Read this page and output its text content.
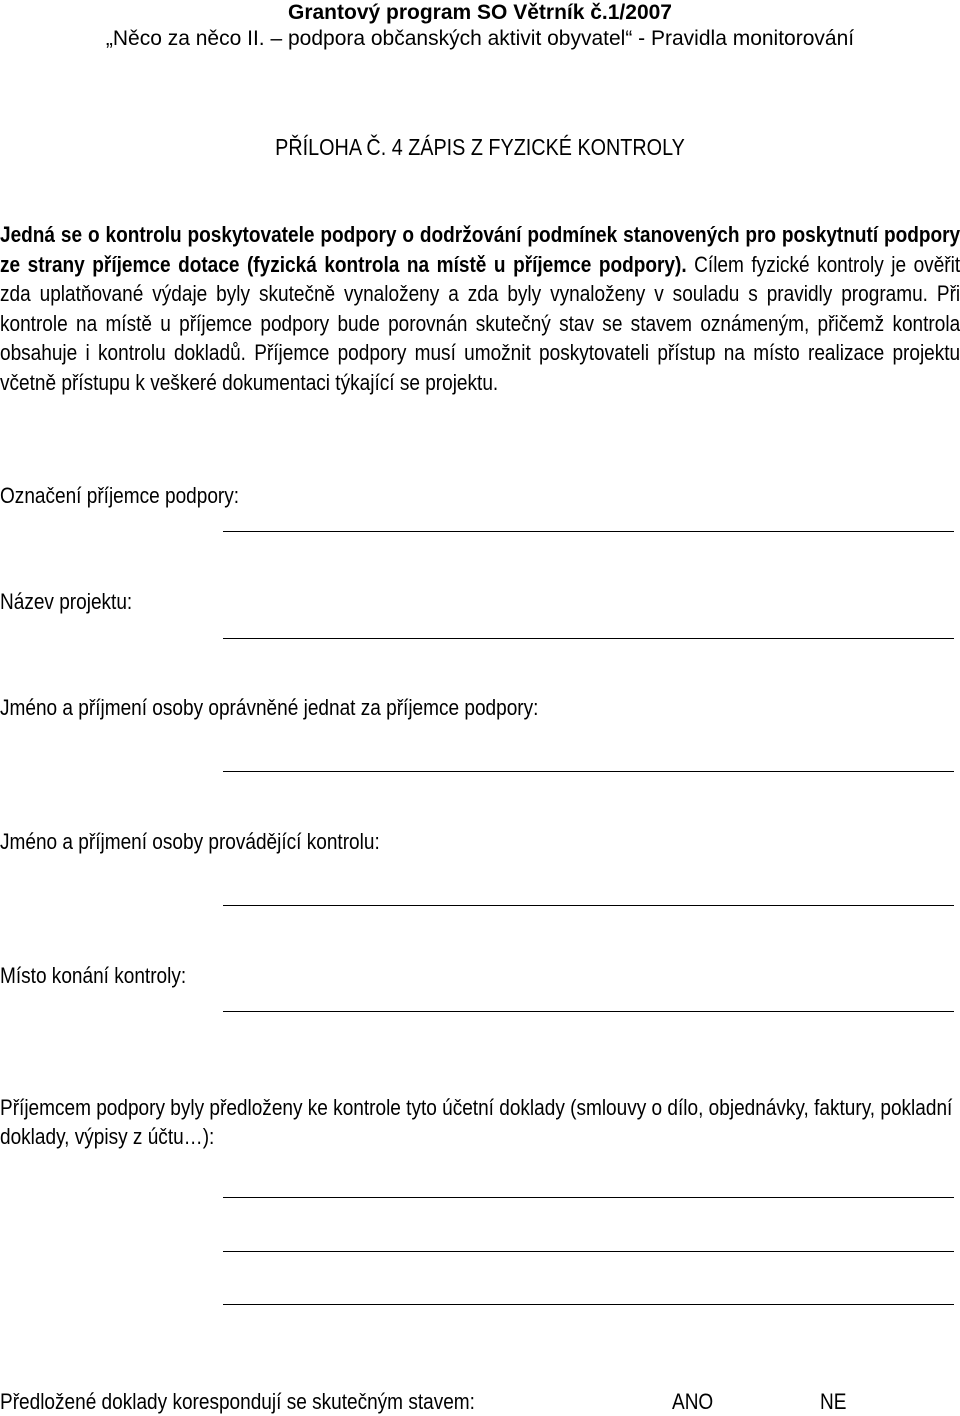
Grantový program SO Větrník č.1/2007
„Něco za něco II. – podpora občanských aktivit obyvatel“ - Pravidla monitorování
PŘÍLOHA Č. 4 ZÁPIS Z FYZICKÉ KONTROLY
Jedná se o kontrolu poskytovatele podpory o dodržování podmínek stanovených pro poskytnutí podpory ze strany příjemce dotace (fyzická kontrola na místě u příjemce podpory). Cílem fyzické kontroly je ověřit zda uplatňované výdaje byly skutečně vynaloženy a zda byly vynaloženy v souladu s pravidly programu. Při kontrole na místě u příjemce podpory bude porovnán skutečný stav se stavem oznámeným, přičemž kontrola obsahuje i kontrolu dokladů. Příjemce podpory musí umožnit poskytovateli přístup na místo realizace projektu včetně přístupu k veškeré dokumentaci týkající se projektu.
Označení příjemce podpory:
Název projektu:
Jméno a příjmení osoby oprávněné jednat za příjemce podpory:
Jméno a příjmení osoby provádějící kontrolu:
Místo konání kontroly:
Příjemcem podpory byly předloženy ke kontrole tyto účetní doklady (smlouvy o dílo, objednávky, faktury, pokladní doklady, výpisy z účtu…):
Předložené doklady korespondují se skutečným stavem:	ANO	NE
